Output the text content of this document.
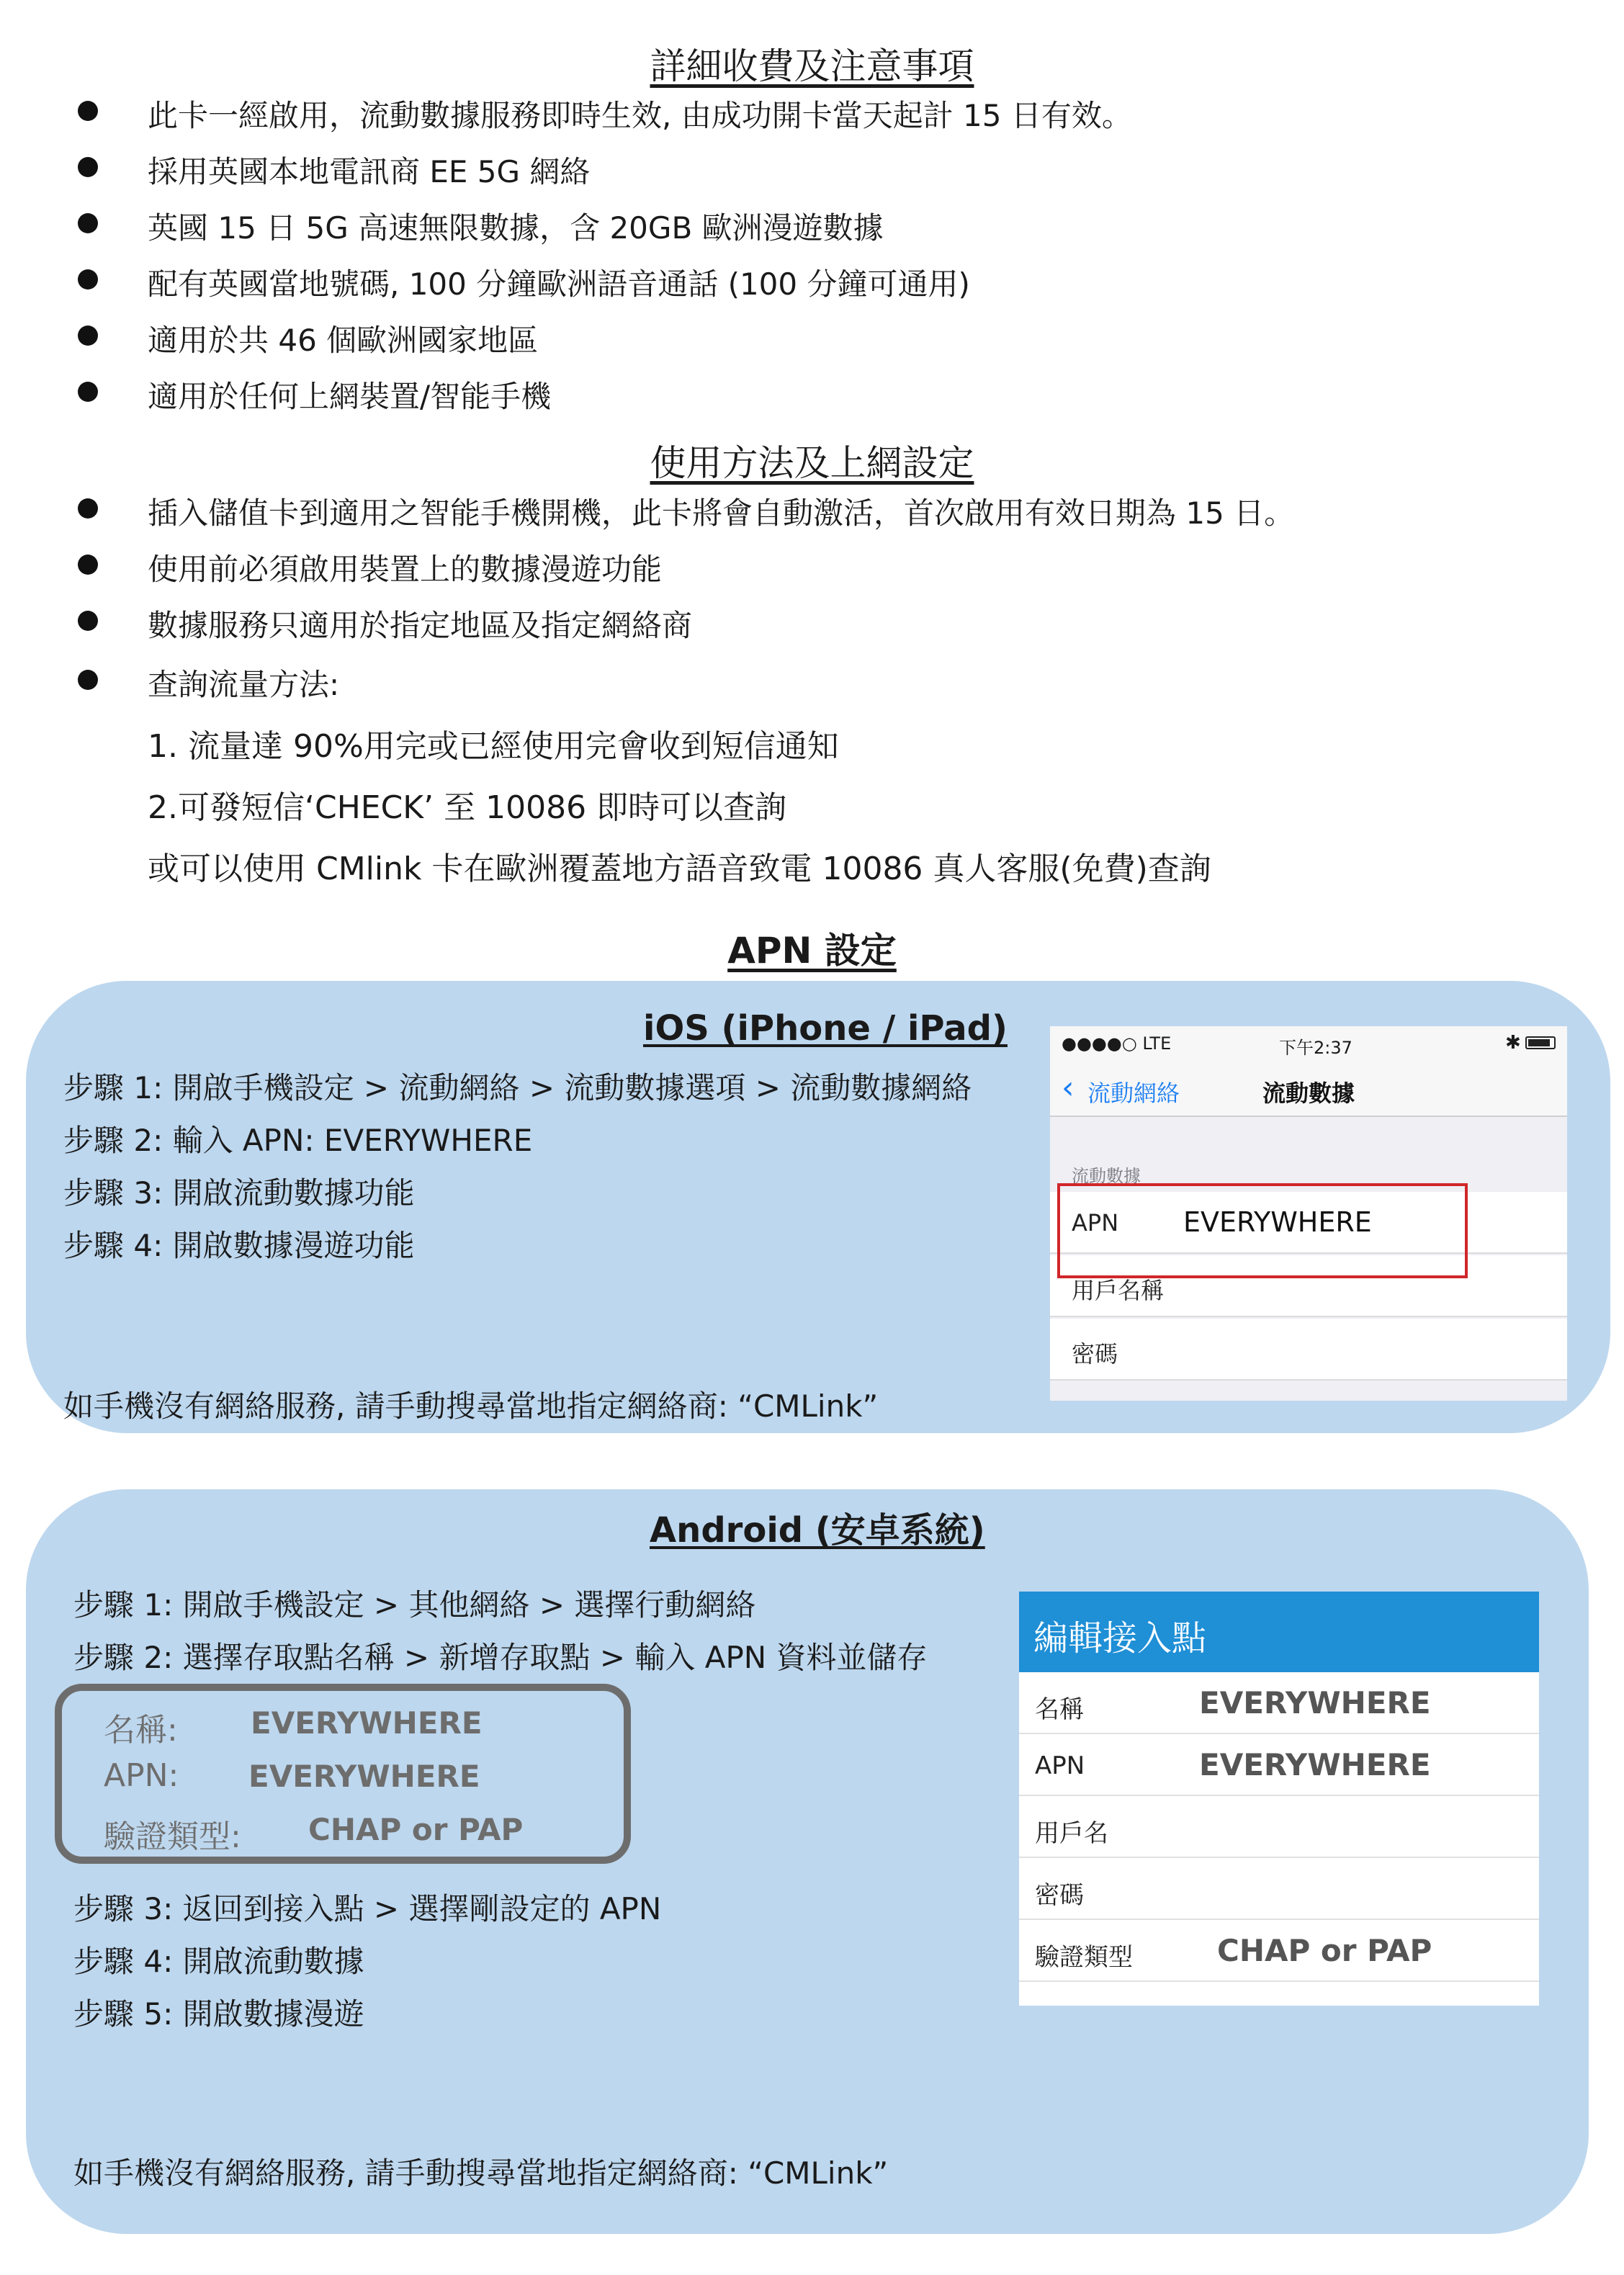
詳細收費及注意事項
此卡一經啟用，流動數據服務即時生效, 由成功開卡當天起計 15 日有效。
採用英國本地電訊商 EE 5G 網絡
英國 15 日 5G 高速無限數據，含 20GB 歐洲漫遊數據
配有英國當地號碼, 100 分鐘歐洲語音通話 (100 分鐘可通用)
適用於共 46 個歐洲國家地區
適用於任何上網裝置/智能手機
使用方法及上網設定
插入儲值卡到適用之智能手機開機，此卡將會自動激活，首次啟用有效日期為 15 日。
使用前必須啟用裝置上的數據漫遊功能
數據服務只適用於指定地區及指定網絡商
查詢流量方法:
1. 流量達 90%用完或已經使用完會收到短信通知
2.可發短信‘CHECK’ 至 10086 即時可以查詢
或可以使用 CMlink 卡在歐洲覆蓋地方語音致電 10086 真人客服(免費)查詢
APN 設定
iOS (iPhone / iPad)
步驟 1: 開啟手機設定 > 流動網絡 > 流動數據選項 > 流動數據網絡
步驟 2: 輸入 APN: EVERYWHERE
步驟 3: 開啟流動數據功能
步驟 4: 開啟數據漫遊功能
如手機沒有網絡服務, 請手動搜尋當地指定網絡商: “CMLink”
●●●●○ LTE	下午2:37	✱
‹ 流動網絡	流動數據
流動數據
APN EVERYWHERE
用戶名稱
密碼
Android (安卓系統)
步驟 1: 開啟手機設定 > 其他網絡 > 選擇行動網絡
步驟 2: 選擇存取點名稱 > 新增存取點 > 輸入 APN 資料並儲存
名稱: EVERYWHERE
APN: EVERYWHERE
驗證類型: CHAP or PAP
步驟 3: 返回到接入點 > 選擇剛設定的 APN
步驟 4: 開啟流動數據
步驟 5: 開啟數據漫遊
如手機沒有網絡服務, 請手動搜尋當地指定網絡商: “CMLink”
編輯接入點
名稱	EVERYWHERE
APN	EVERYWHERE
用戶名
密碼
驗證類型	CHAP or PAP
